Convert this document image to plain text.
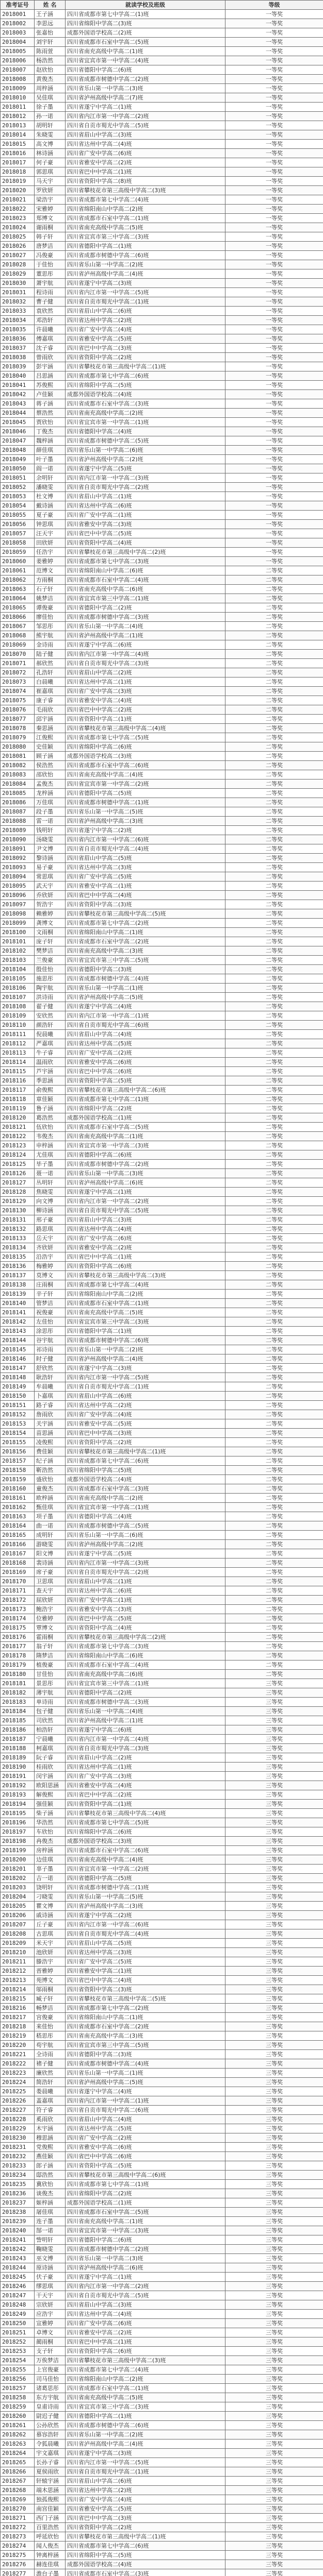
准考证号	姓 名	就读学校及班级	等级
2018001	王子涵	四川省成都市第七中学高二(1)班	一等奖
2018002	李思远	四川省绵阳中学高二(3)班	一等奖
2018003	张嘉怡	成都外国语学校高二(2)班	一等奖
2018004	刘宇轩	四川省成都市石室中学高二(5)班	一等奖
2018005	陈雨萱	四川省南充高级中学高二(1)班	一等奖
2018006	杨浩然	四川省宜宾市第一中学高二(4)班	一等奖
2018007	赵欣怡	四川省德阳中学高二(6)班	一等奖
2018008	黄俊杰	四川省成都市树德中学高二(2)班	一等奖
2018009	周梓涵	四川省乐山第一中学高二(3)班	一等奖
2018010	吴佳琪	四川省泸州高级中学高二(7)班	一等奖
2018011	徐子墨	四川省遂宁中学高二(1)班	一等奖
2018012	孙一诺	四川省内江市第一中学高二(2)班	一等奖
2018013	胡明轩	四川省自贡市蜀光中学高二(5)班	一等奖
2018014	朱晓雯	四川省眉山中学高二(3)班	一等奖
2018015	高文博	四川省达州中学高二(4)班	一等奖
2018016	林诗涵	四川省广安中学高二(6)班	一等奖
2018017	何子豪	四川省雅安中学高二(2)班	一等奖
2018018	郭思琪	四川省巴中中学高二(1)班	一等奖
2018019	马天宇	四川省资阳中学高二(8)班	一等奖
2018020	罗欣妍	四川省攀枝花市第三高级中学高二(3)班	一等奖
2018021	梁浩宇	四川省成都市第七中学高二(4)班	一等奖
2018022	宋雅婷	四川省绵阳南山中学高二(2)班	一等奖
2018023	郑博文	四川省成都市石室中学高二(1)班	一等奖
2018024	谢雨桐	四川省南充高级中学高二(5)班	一等奖
2018025	韩子轩	四川省宜宾市第三中学高二(3)班	一等奖
2018026	唐梦洁	四川省德阳中学高二(1)班	一等奖
2018027	冯俊豪	四川省成都市树德中学高二(6)班	一等奖
2018028	于佳怡	四川省乐山第一中学高二(2)班	一等奖
2018029	董思彤	四川省泸州高级中学高二(4)班	一等奖
2018030	萧宇航	四川省遂宁中学高二(3)班	一等奖
2018031	程诗雨	四川省内江市第一中学高二(5)班	一等奖
2018032	曹子健	四川省自贡市蜀光中学高二(1)班	一等奖
2018033	袁欣然	四川省眉山中学高二(6)班	一等奖
2018034	邓浩轩	四川省达州中学高二(2)班	一等奖
2018035	许晨曦	四川省广安中学高二(4)班	一等奖
2018036	傅嘉琪	四川省雅安中学高二(5)班	一等奖
2018037	沈子睿	四川省巴中中学高二(3)班	一等奖
2018038	曾雨欣	四川省资阳中学高二(2)班	一等奖
2018039	彭宇涵	四川省攀枝花市第三高级中学高二(1)班	一等奖
2018040	吕思涵	四川省成都市第七中学高二(6)班	一等奖
2018041	苏俊熙	四川省绵阳中学高二(5)班	一等奖
2018042	卢佳颖	成都外国语学校高二(4)班	一等奖
2018043	蒋子涵	四川省成都市石室中学高二(3)班	一等奖
2018044	蔡浩然	四川省南充高级中学高二(2)班	一等奖
2018045	贾欣怡	四川省宜宾市第一中学高二(1)班	一等奖
2018046	丁俊杰	四川省德阳中学高二(4)班	一等奖
2018047	魏梓涵	四川省成都市树德中学高二(5)班	一等奖
2018048	薛佳琪	四川省乐山第一中学高二(6)班	一等奖
2018049	叶子墨	四川省泸州高级中学高二(2)班	一等奖
2018050	阎一诺	四川省遂宁中学高二(5)班	一等奖
2018051	余明轩	四川省内江市第一中学高二(3)班	一等奖
2018052	潘晓雯	四川省自贡市蜀光中学高二(2)班	一等奖
2018053	杜文博	四川省眉山中学高二(1)班	一等奖
2018054	戴诗涵	四川省达州中学高二(6)班	一等奖
2018055	夏子豪	四川省广安中学高二(1)班	一等奖
2018056	钟思琪	四川省雅安中学高二(3)班	一等奖
2018057	汪天宇	四川省巴中中学高二(5)班	一等奖
2018058	田欣妍	四川省资阳中学高二(4)班	一等奖
2018059	任浩宇	四川省攀枝花市第三高级中学高二(2)班	一等奖
2018060	姜雅婷	四川省成都市第七中学高二(3)班	一等奖
2018061	范博文	四川省绵阳南山中学高二(6)班	二等奖
2018062	方雨桐	四川省成都市石室中学高二(4)班	二等奖
2018063	石子轩	四川省南充高级中学高二(6)班	二等奖
2018064	姚梦洁	四川省宜宾市第三中学高二(1)班	二等奖
2018065	谭俊豪	四川省德阳中学高二(2)班	二等奖
2018066	廖佳怡	四川省成都市树德中学高二(3)班	二等奖
2018067	邹思彤	四川省乐山第一中学高二(4)班	二等奖
2018068	熊宇航	四川省泸州高级中学高二(1)班	二等奖
2018069	金诗雨	四川省遂宁中学高二(6)班	二等奖
2018070	陆子健	四川省内江市第一中学高二(4)班	二等奖
2018071	郝欣然	四川省自贡市蜀光中学高二(3)班	二等奖
2018072	孔浩轩	四川省眉山中学高二(2)班	二等奖
2018073	白晨曦	四川省达州中学高二(1)班	二等奖
2018074	崔嘉琪	四川省广安中学高二(3)班	二等奖
2018075	康子睿	四川省雅安中学高二(4)班	二等奖
2018076	毛雨欣	四川省巴中中学高二(2)班	二等奖
2018077	邱宇涵	四川省资阳中学高二(1)班	二等奖
2018078	秦思涵	四川省攀枝花市第三高级中学高二(4)班	二等奖
2018079	江俊熙	四川省成都市第七中学高二(5)班	二等奖
2018080	史佳颖	四川省绵阳中学高二(6)班	二等奖
2018081	顾子涵	成都外国语学校高二(3)班	二等奖
2018082	侯浩然	四川省成都市石室中学高二(6)班	二等奖
2018083	邵欣怡	四川省南充高级中学高二(4)班	二等奖
2018084	孟俊杰	四川省宜宾市第一中学高二(2)班	二等奖
2018085	龙梓涵	四川省德阳中学高二(5)班	二等奖
2018086	万佳琪	四川省成都市树德中学高二(1)班	二等奖
2018087	段子墨	四川省乐山第一中学高二(5)班	二等奖
2018088	雷一诺	四川省泸州高级中学高二(3)班	二等奖
2018089	钱明轩	四川省遂宁中学高二(2)班	二等奖
2018090	汤晓雯	四川省内江市第一中学高二(6)班	二等奖
2018091	尹文博	四川省自贡市蜀光中学高二(4)班	二等奖
2018092	黎诗涵	四川省眉山中学高二(5)班	二等奖
2018093	易子豪	四川省达州中学高二(3)班	二等奖
2018094	常思琪	四川省广安中学高二(5)班	二等奖
2018095	武天宇	四川省雅安中学高二(1)班	二等奖
2018096	乔欣妍	四川省巴中中学高二(4)班	二等奖
2018097	贺浩宇	四川省资阳中学高二(3)班	二等奖
2018098	赖雅婷	四川省攀枝花市第三高级中学高二(5)班	二等奖
2018099	龚博文	四川省成都市第七中学高二(2)班	二等奖
2018100	文雨桐	四川省绵阳南山中学高二(1)班	二等奖
2018101	庞子轩	四川省成都市石室中学高二(2)班	二等奖
2018102	樊梦洁	四川省南充高级中学高二(3)班	二等奖
2018103	兰俊豪	四川省宜宾市第三中学高二(5)班	二等奖
2018104	殷佳怡	四川省德阳中学高二(3)班	二等奖
2018105	施思彤	四川省成都市树德中学高二(4)班	二等奖
2018106	陶宇航	四川省乐山第一中学高二(1)班	二等奖
2018107	洪诗雨	四川省泸州高级中学高二(5)班	二等奖
2018108	翟子健	四川省遂宁中学高二(4)班	二等奖
2018109	安欣然	四川省内江市第一中学高二(1)班	二等奖
2018110	颜浩轩	四川省自贡市蜀光中学高二(6)班	二等奖
2018111	倪晨曦	四川省眉山中学高二(4)班	二等奖
2018112	严嘉琪	四川省达州中学高二(5)班	二等奖
2018113	牛子睿	四川省广安中学高二(2)班	二等奖
2018114	温雨欣	四川省雅安中学高二(6)班	二等奖
2018115	芦宇涵	四川省巴中中学高二(6)班	二等奖
2018116	季思涵	四川省资阳中学高二(5)班	二等奖
2018117	俞俊熙	四川省攀枝花市第三高级中学高二(6)班	二等奖
2018118	章佳颖	四川省成都市第七中学高二(1)班	二等奖
2018119	鲁子涵	四川省绵阳中学高二(2)班	二等奖
2018120	葛浩然	成都外国语学校高二(1)班	二等奖
2018121	伍欣怡	四川省成都市石室中学高二(5)班	二等奖
2018122	韦俊杰	四川省南充高级中学高二(1)班	二等奖
2018123	申梓涵	四川省宜宾市第一中学高二(3)班	二等奖
2018124	尤佳琪	四川省德阳中学高二(6)班	二等奖
2018125	毕子墨	四川省成都市树德中学高二(2)班	二等奖
2018126	聂一诺	四川省乐山第一中学高二(3)班	二等奖
2018127	丛明轩	四川省泸州高级中学高二(6)班	二等奖
2018128	焦晓雯	四川省遂宁中学高二(1)班	二等奖
2018129	向文博	四川省内江市第一中学高二(2)班	二等奖
2018130	柳诗涵	四川省自贡市蜀光中学高二(5)班	二等奖
2018131	邢子豪	四川省眉山中学高二(3)班	二等奖
2018132	路思琪	四川省达州中学高二(4)班	二等奖
2018133	岳天宇	四川省广安中学高二(6)班	二等奖
2018134	齐欣妍	四川省雅安中学高二(2)班	二等奖
2018135	沿浩宇	四川省巴中中学高二(1)班	二等奖
2018136	梅雅婷	四川省资阳中学高二(6)班	二等奖
2018137	莫博文	四川省攀枝花市第三高级中学高二(3)班	二等奖
2018138	庄雨桐	四川省成都市第七中学高二(4)班	二等奖
2018139	辛子轩	四川省绵阳南山中学高二(2)班	二等奖
2018140	管梦洁	四川省成都市石室中学高二(1)班	二等奖
2018141	祝俊豪	四川省南充高级中学高二(5)班	二等奖
2018142	左佳怡	四川省宜宾市第三中学高二(3)班	二等奖
2018143	涂思彤	四川省德阳中学高二(1)班	二等奖
2018144	谷宇航	四川省成都市树德中学高二(6)班	二等奖
2018145	祁诗雨	四川省乐山第一中学高二(2)班	二等奖
2018146	时子健	四川省泸州高级中学高二(4)班	二等奖
2018147	舒欣然	四川省遂宁中学高二(3)班	二等奖
2018148	耿浩轩	四川省内江市第一中学高二(5)班	二等奖
2018149	牟晨曦	四川省自贡市蜀光中学高二(1)班	二等奖
2018150	卜嘉琪	四川省眉山中学高二(6)班	二等奖
2018151	路子睿	四川省达州中学高二(2)班	二等奖
2018152	詹雨欣	四川省广安中学高二(4)班	二等奖
2018153	关宇涵	四川省雅安中学高二(5)班	二等奖
2018154	苗思涵	四川省巴中中学高二(3)班	二等奖
2018155	凌俊熙	四川省资阳中学高二(2)班	二等奖
2018156	费佳颖	四川省攀枝花市第三高级中学高二(1)班	二等奖
2018157	纪子涵	四川省成都市第七中学高二(6)班	二等奖
2018158	靳浩然	四川省绵阳中学高二(5)班	二等奖
2018159	盛欣怡	成都外国语学校高二(4)班	二等奖
2018160	童俊杰	四川省成都市石室中学高二(3)班	二等奖
2018161	欧梓涵	四川省南充高级中学高二(2)班	二等奖
2018162	甄佳琪	四川省宜宾市第一中学高二(1)班	二等奖
2018163	项子墨	四川省德阳中学高二(4)班	二等奖
2018164	曲一诺	四川省成都市树德中学高二(5)班	二等奖
2018165	成明轩	四川省乐山第一中学高二(6)班	二等奖
2018166	游晓雯	四川省泸州高级中学高二(2)班	二等奖
2018167	阳文博	四川省遂宁中学高二(5)班	二等奖
2018168	裴诗涵	四川省内江市第一中学高二(3)班	二等奖
2018169	席子豪	四川省自贡市蜀光中学高二(2)班	二等奖
2018170	卫思琪	四川省眉山中学高二(1)班	二等奖
2018171	查天宇	四川省达州中学高二(6)班	二等奖
2018172	屈欣妍	四川省广安中学高二(1)班	二等奖
2018173	鲍浩宇	四川省雅安中学高二(3)班	二等奖
2018174	位雅婷	四川省巴中中学高二(5)班	二等奖
2018175	覃博文	四川省资阳中学高二(4)班	二等奖
2018176	霍雨桐	四川省攀枝花市第三高级中学高二(2)班	二等奖
2018177	翁子轩	四川省成都市第七中学高二(3)班	二等奖
2018178	隋梦洁	四川省绵阳南山中学高二(6)班	二等奖
2018179	植俊豪	四川省成都市石室中学高二(4)班	二等奖
2018180	甘佳怡	四川省南充高级中学高二(6)班	二等奖
2018181	景思彤	四川省宜宾市第三中学高二(1)班	三等奖
2018182	薄宇航	四川省德阳中学高二(2)班	三等奖
2018183	单诗雨	四川省成都市树德中学高二(3)班	三等奖
2018184	包子健	四川省乐山第一中学高二(4)班	三等奖
2018185	司欣然	四川省泸州高级中学高二(1)班	三等奖
2018186	柏浩轩	四川省遂宁中学高二(6)班	三等奖
2018187	宁晨曦	四川省内江市第一中学高二(4)班	三等奖
2018188	柯嘉琪	四川省自贡市蜀光中学高二(3)班	三等奖
2018189	阮子睿	四川省眉山中学高二(2)班	三等奖
2018190	桂雨欣	四川省达州中学高二(1)班	三等奖
2018191	闵宇涵	四川省广安中学高二(3)班	三等奖
2018192	欧阳思涵	四川省雅安中学高二(4)班	三等奖
2018193	解俊熙	四川省巴中中学高二(2)班	三等奖
2018194	强佳颖	四川省资阳中学高二(1)班	三等奖
2018195	柴子涵	四川省攀枝花市第三高级中学高二(4)班	三等奖
2018196	华浩然	四川省成都市第七中学高二(5)班	三等奖
2018197	车欣怡	四川省绵阳中学高二(6)班	三等奖
2018198	冉俊杰	成都外国语学校高二(3)班	三等奖
2018199	房梓涵	四川省成都市石室中学高二(6)班	三等奖
2018200	边佳琪	四川省南充高级中学高二(4)班	三等奖
2018201	辜子墨	四川省宜宾市第一中学高二(2)班	三等奖
2018202	吉一诺	四川省德阳中学高二(5)班	三等奖
2018203	饶明轩	四川省成都市树德中学高二(1)班	三等奖
2018204	刁晓雯	四川省乐山第一中学高二(5)班	三等奖
2018205	瞿文博	四川省泸州高级中学高二(3)班	三等奖
2018206	戚诗涵	四川省遂宁中学高二(2)班	三等奖
2018207	丘子豪	四川省内江市第一中学高二(6)班	三等奖
2018208	古思琪	四川省自贡市蜀光中学高二(4)班	三等奖
2018209	米天宇	四川省眉山中学高二(5)班	三等奖
2018210	池欣妍	四川省达州中学高二(3)班	三等奖
2018211	滕浩宇	四川省广安中学高二(5)班	三等奖
2018212	晋雅婷	四川省雅安中学高二(1)班	三等奖
2018213	苑博文	四川省巴中中学高二(4)班	三等奖
2018214	邬雨桐	四川省资阳中学高二(3)班	三等奖
2018215	臧子轩	四川省攀枝花市第三高级中学高二(5)班	三等奖
2018216	畅梦洁	四川省成都市第七中学高二(2)班	三等奖
2018217	宫俊豪	四川省绵阳南山中学高二(1)班	三等奖
2018218	来佳怡	四川省成都市石室中学高二(2)班	三等奖
2018219	嵇思彤	四川省南充高级中学高二(3)班	三等奖
2018220	苟宇航	四川省宜宾市第三中学高二(5)班	三等奖
2018221	全诗雨	四川省德阳中学高二(3)班	三等奖
2018222	褚子健	四川省成都市树德中学高二(4)班	三等奖
2018223	廉欣然	四川省乐山第一中学高二(1)班	三等奖
2018224	简浩轩	四川省泸州高级中学高二(5)班	三等奖
2018225	娄晨曦	四川省遂宁中学高二(4)班	三等奖
2018226	盖嘉琪	四川省内江市第一中学高二(1)班	三等奖
2018227	符子睿	四川省自贡市蜀光中学高二(6)班	三等奖
2018228	奚雨欣	四川省眉山中学高二(4)班	三等奖
2018229	木宇涵	四川省达州中学高二(5)班	三等奖
2018230	穆思涵	四川省广安中学高二(2)班	三等奖
2018231	党俊熙	四川省雅安中学高二(6)班	三等奖
2018232	燕佳颖	四川省巴中中学高二(6)班	三等奖
2018233	郎子涵	四川省资阳中学高二(5)班	三等奖
2018234	邸浩然	四川省攀枝花市第三高级中学高二(6)班	三等奖
2018235	冀欣怡	四川省成都市第七中学高二(1)班	三等奖
2018236	谈俊杰	四川省绵阳中学高二(2)班	三等奖
2018237	姬梓涵	成都外国语学校高二(1)班	三等奖
2018238	屠佳琪	四川省成都市石室中学高二(5)班	三等奖
2018239	连子墨	四川省南充高级中学高二(1)班	三等奖
2018240	郜一诺	四川省宜宾市第一中学高二(3)班	三等奖
2018241	訾明轩	四川省德阳中学高二(6)班	三等奖
2018242	鞠晓雯	四川省成都市树德中学高二(2)班	三等奖
2018243	巫文博	四川省乐山第一中学高二(3)班	三等奖
2018244	原诗涵	四川省泸州高级中学高二(6)班	三等奖
2018245	伏子豪	四川省遂宁中学高二(1)班	三等奖
2018246	缪思琪	四川省内江市第一中学高二(2)班	三等奖
2018247	干天宇	四川省自贡市蜀光中学高二(5)班	三等奖
2018248	宗欣妍	四川省眉山中学高二(3)班	三等奖
2018249	应浩宇	四川省达州中学高二(4)班	三等奖
2018250	宣雅婷	四川省广安中学高二(6)班	三等奖
2018251	卓博文	四川省雅安中学高二(2)班	三等奖
2018252	蔺雨桐	四川省巴中中学高二(1)班	三等奖
2018253	支子轩	四川省资阳中学高二(6)班	三等奖
2018254	万俟梦洁	四川省攀枝花市第三高级中学高二(3)班	三等奖
2018255	上官俊豪	四川省成都市第七中学高二(4)班	三等奖
2018256	司马佳怡	四川省绵阳南山中学高二(2)班	三等奖
2018257	诸葛思彤	四川省成都市石室中学高二(1)班	三等奖
2018258	东方宇航	四川省南充高级中学高二(5)班	三等奖
2018259	皇甫诗雨	四川省宜宾市第三中学高二(3)班	三等奖
2018260	尉迟子健	四川省德阳中学高二(1)班	三等奖
2018261	公孙欣然	四川省成都市树德中学高二(6)班	三等奖
2018262	慕容浩轩	四川省乐山第一中学高二(2)班	三等奖
2018263	令狐晨曦	四川省泸州高级中学高二(4)班	三等奖
2018264	宇文嘉琪	四川省遂宁中学高二(3)班	三等奖
2018265	长孙子睿	四川省内江市第一中学高二(5)班	三等奖
2018266	夏侯雨欣	四川省自贡市蜀光中学高二(1)班	三等奖
2018267	轩辕宇涵	四川省眉山中学高二(6)班	三等奖
2018268	端木思涵	四川省达州中学高二(2)班	三等奖
2018269	独孤俊熙	四川省广安中学高二(4)班	三等奖
2018270	南宫佳颖	四川省雅安中学高二(5)班	三等奖
2018271	西门子涵	四川省巴中中学高二(3)班	三等奖
2018272	百里浩然	四川省资阳中学高二(2)班	三等奖
2018273	呼延欣怡	四川省攀枝花市第三高级中学高二(1)班	三等奖
2018274	闻人俊杰	四川省成都市第七中学高二(6)班	三等奖
2018275	钟离梓涵	四川省绵阳中学高二(5)班	三等奖
2018276	赫连佳琪	成都外国语学校高二(4)班	三等奖
2018277	澹台子墨	四川省成都市石室中学高二(3)班	三等奖
